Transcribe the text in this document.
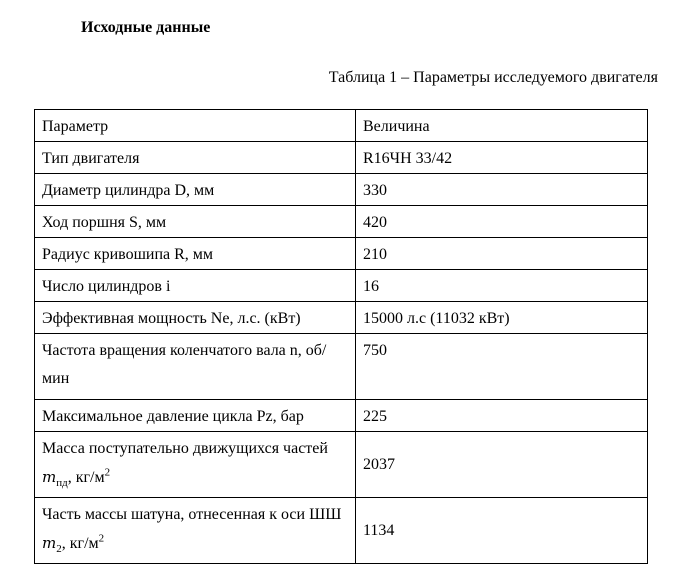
Исходные данные
Таблица 1 – Параметры исследуемого двигателя
Параметр	Величина
Тип двигателя	R16ЧН 33/42
Диаметр цилиндра D, мм	330
Ход поршня S, мм	420
Радиус кривошипа R, мм	210
Число цилиндров i	16
Эффективная мощность Ne, л.с. (кВт)	15000 л.с (11032 кВт)
Частота вращения коленчатого вала n, об/мин	750
Максимальное давление цикла Pz, бар	225
Масса поступательно движущихся частей $m_{пд}$, $кг/м^2$	2037
Часть массы шатуна, отнесенная к оси ШШ $m_2$, $кг/м^2$	1134
